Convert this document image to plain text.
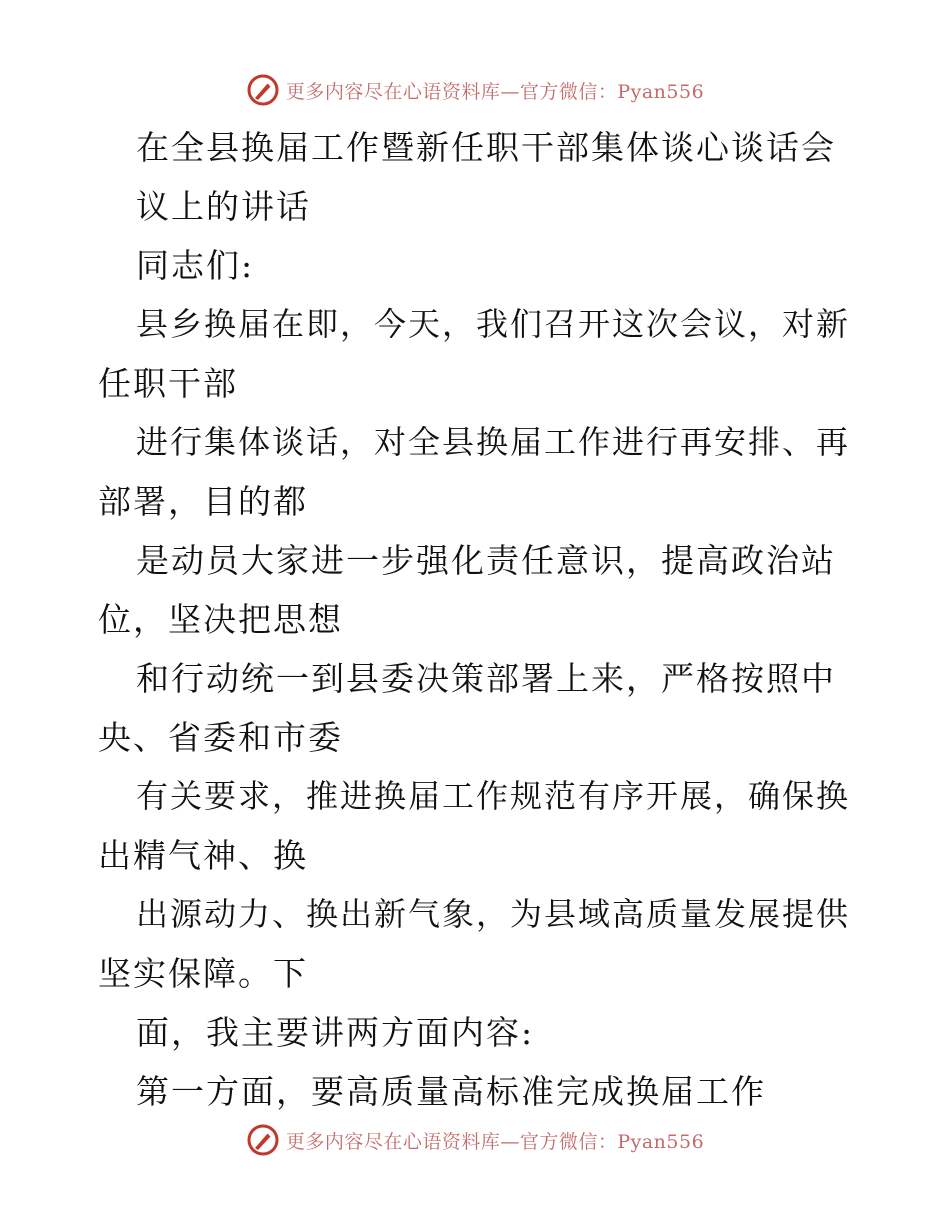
更多内容尽在心语资料库—官方微信：Pyan556
在全县换届工作暨新任职干部集体谈心谈话会
议上的讲话
同志们:
县乡换届在即，今天，我们召开这次会议，对新
任职干部
进行集体谈话，对全县换届工作进行再安排、再
部署，目的都
是动员大家进一步强化责任意识，提高政治站
位，坚决把思想
和行动统一到县委决策部署上来，严格按照中
央、省委和市委
有关要求，推进换届工作规范有序开展，确保换
出精气神、换
出源动力、换出新气象，为县域高质量发展提供
坚实保障。下
面，我主要讲两方面内容:
第一方面，要高质量高标准完成换届工作
更多内容尽在心语资料库—官方微信：Pyan556
